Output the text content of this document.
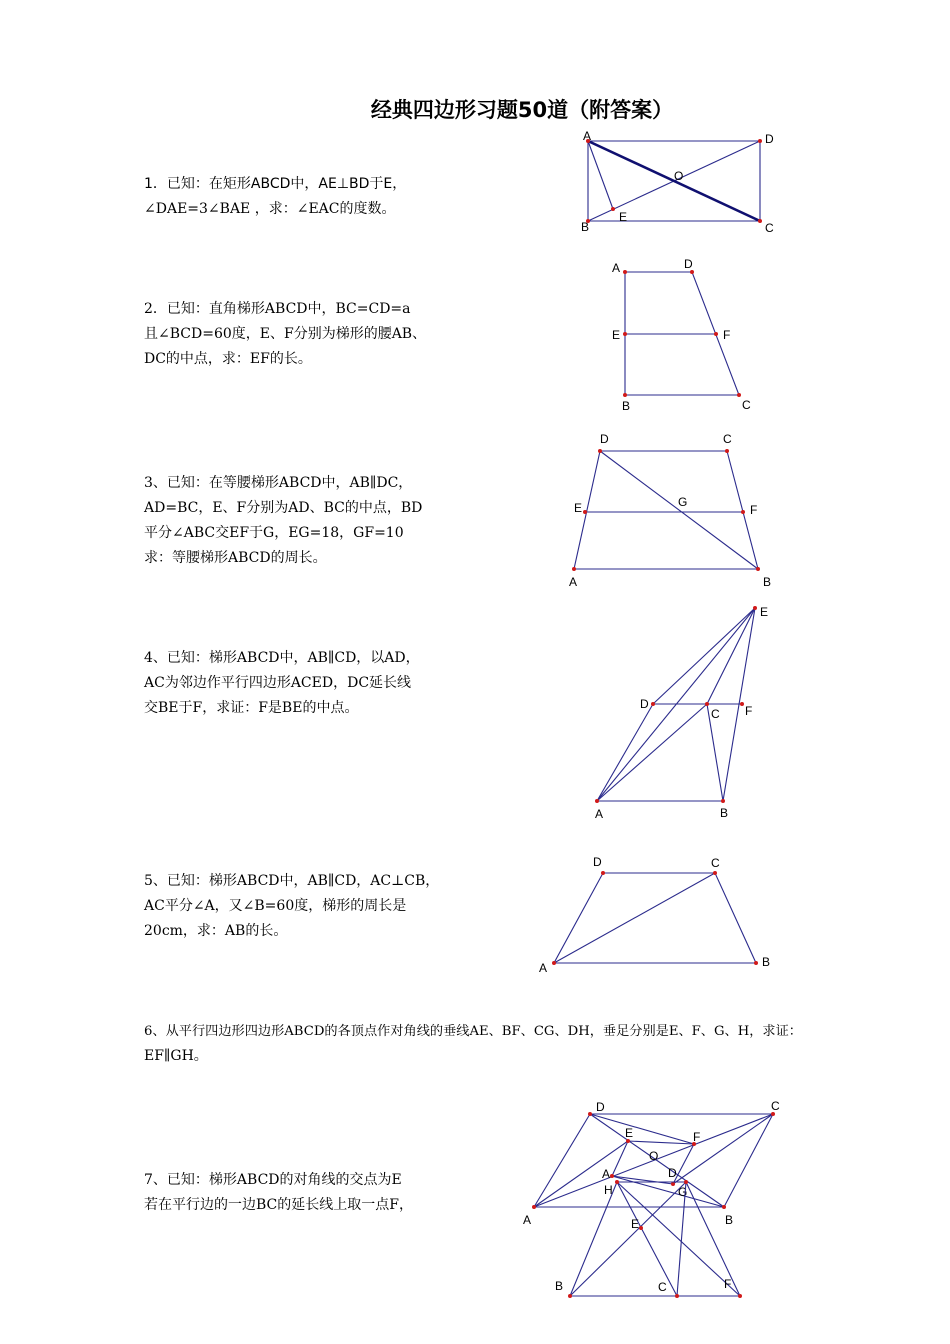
经典四边形习题50道（附答案）
1．已知：在矩形ABCD中，AE⊥BD于E，
∠DAE=3∠BAE ，求：∠EAC的度数。
2．已知：直角梯形ABCD中，BC=CD=a
且∠BCD=60度，E、F分别为梯形的腰AB、
DC的中点，求：EF的长。
3、已知：在等腰梯形ABCD中，AB∥DC，
AD=BC，E、F分别为AD、BC的中点，BD
平分∠ABC交EF于G，EG=18，GF=10
求：等腰梯形ABCD的周长。
4、已知：梯形ABCD中，AB∥CD，以AD，
AC为邻边作平行四边形ACED，DC延长线
交BE于F，求证：F是BE的中点。
5、已知：梯形ABCD中，AB∥CD，AC⊥CB，
AC平分∠A，又∠B=60度，梯形的周长是
20cm，求：AB的长。
6、从平行四边形四边形ABCD的各顶点作对角线的垂线AE、BF、CG、DH，垂足分别是E、F、G、H，求证：
EF∥GH。
7、已知：梯形ABCD的对角线的交点为E
若在平行边的一边BC的延长线上取一点F，
A	D
B	C
E
O
A	D
E	F
B	C
D	C
E	F
G
A	B
E
D
C F
A	B
D	C
A	B
D	C
E	F
O
H	G
A	B
A	D
E
B	C	F
